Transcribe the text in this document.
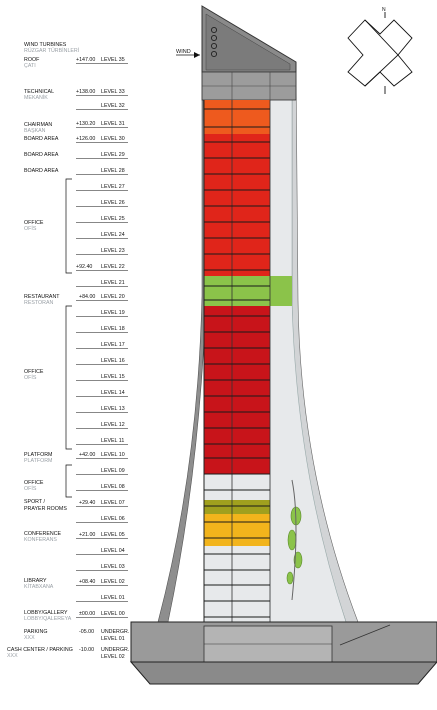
WIND
N
WIND TURBINES
RÜZGAR TÜRBİNLERİ
ROOF
ÇATI
TECHNICAL
MEKANİK
CHAIRMAN
BAŞKAN
BOARD AREA
BOARD AREA
BOARD AREA
OFFICE
OFİS
RESTAURANT
RESTORAN
OFFICE
OFİS
PLATFORM
PLATFORM
OFFICE
OFİS
SPORT /
PRAYER ROOMS
CONFERENCE
KONFERANS
LIBRARY
KİTABXANA
LOBBY/GALLERY
LOBBY/QALEREYA
PARKING
XXX
CASH CENTER / PARKING
XXX
+147.00
+138.00
+130.20
+126.00
+92.40
+84.00
+42.00
+29.40
+21.00
+08.40
±00.00
-05.00
-10.00
LEVEL 35
LEVEL 33
LEVEL 32
LEVEL 31
LEVEL 30
LEVEL 29
LEVEL 28
LEVEL 27
LEVEL 26
LEVEL 25
LEVEL 24
LEVEL 23
LEVEL 22
LEVEL 21
LEVEL 20
LEVEL 19
LEVEL 18
LEVEL 17
LEVEL 16
LEVEL 15
LEVEL 14
LEVEL 13
LEVEL 12
LEVEL 11
LEVEL 10
LEVEL 09
LEVEL 08
LEVEL 07
LEVEL 06
LEVEL 05
LEVEL 04
LEVEL 03
LEVEL 02
LEVEL 01
LEVEL 00
UNDERGR.
LEVEL 01
UNDERGR.
LEVEL 02
